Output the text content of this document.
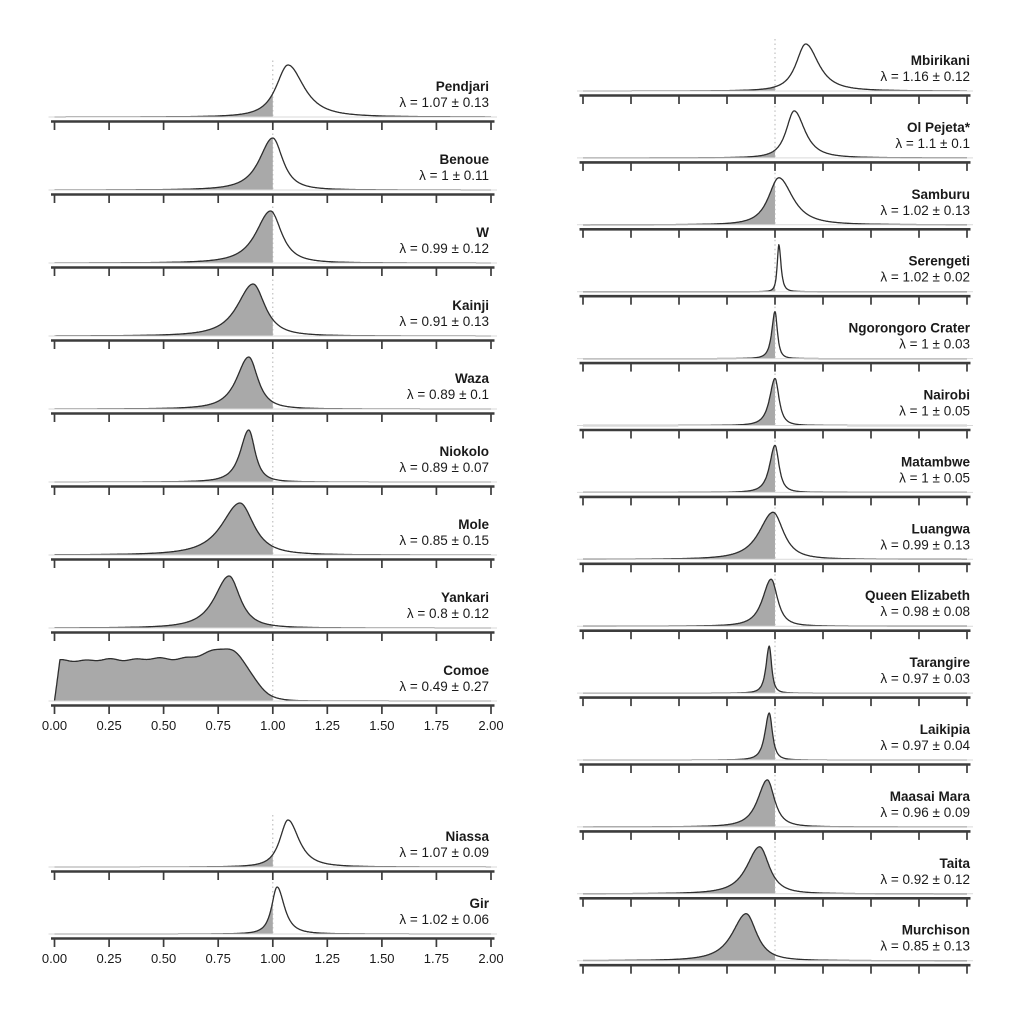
Pendjari
λ = 1.07 ± 0.13
Benoue
λ = 1 ± 0.11
W
λ = 0.99 ± 0.12
Kainji
λ = 0.91 ± 0.13
Waza
λ = 0.89 ± 0.1
Niokolo
λ = 0.89 ± 0.07
Mole
λ = 0.85 ± 0.15
Yankari
λ = 0.8 ± 0.12
Comoe
λ = 0.49 ± 0.27
0.00 0.25 0.50 0.75 1.00 1.25 1.50 1.75 2.00
Niassa
λ = 1.07 ± 0.09
Gir
λ = 1.02 ± 0.06
0.00 0.25 0.50 0.75 1.00 1.25 1.50 1.75 2.00
Mbirikani
λ = 1.16 ± 0.12
Ol Pejeta*
λ = 1.1 ± 0.1
Samburu
λ = 1.02 ± 0.13
Serengeti
λ = 1.02 ± 0.02
Ngorongoro Crater
λ = 1 ± 0.03
Nairobi
λ = 1 ± 0.05
Matambwe
λ = 1 ± 0.05
Luangwa
λ = 0.99 ± 0.13
Queen Elizabeth
λ = 0.98 ± 0.08
Tarangire
λ = 0.97 ± 0.03
Laikipia
λ = 0.97 ± 0.04
Maasai Mara
λ = 0.96 ± 0.09
Taita
λ = 0.92 ± 0.12
Murchison
λ = 0.85 ± 0.13
